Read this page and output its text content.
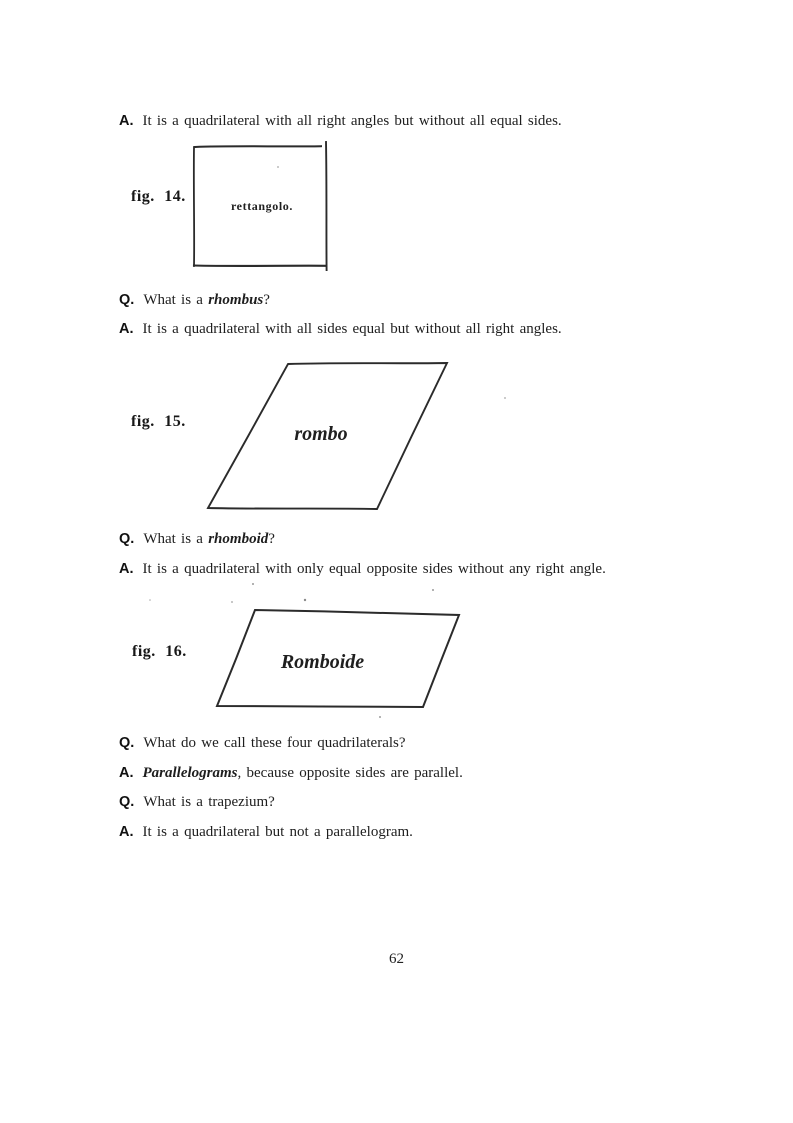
A. It is a quadrilateral with all right angles but without all equal sides.
Q. What is a rhombus?
A. It is a quadrilateral with all sides equal but without all right angles.
Q. What is a rhomboid?
A. It is a quadrilateral with only equal opposite sides without any right angle.
Q. What do we call these four quadrilaterals?
A. Parallelograms, because opposite sides are parallel.
Q. What is a trapezium?
A. It is a quadrilateral but not a parallelogram.
fig. 14.
rettangolo.
fig. 15.
rombo
fig. 16.	Romboide
62
